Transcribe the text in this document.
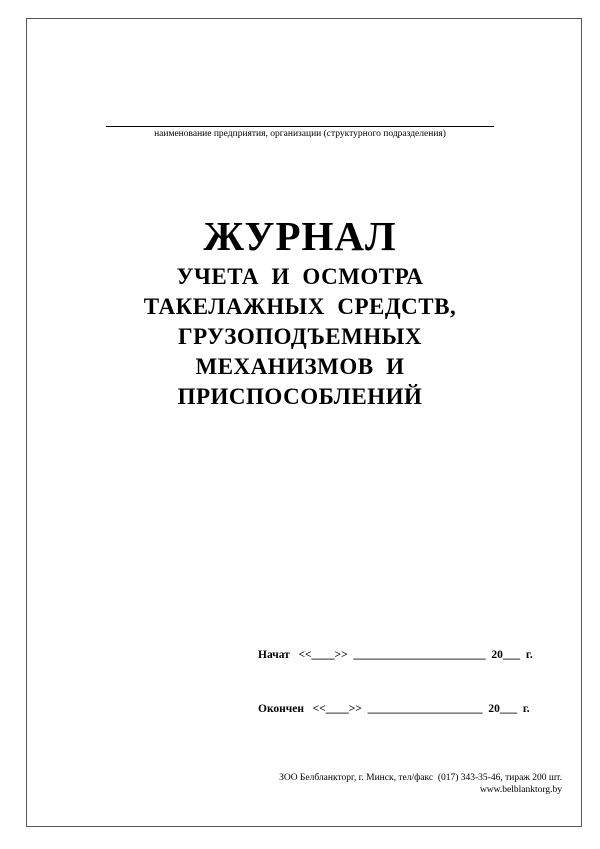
наименование предприятия, организации (структурного подразделения)
ЖУРНАЛ
УЧЕТА  И  ОСМОТРА
ТАКЕЛАЖНЫХ  СРЕДСТВ,
ГРУЗОПОДЪЕМНЫХ
МЕХАНИЗМОВ  И
ПРИСПОСОБЛЕНИЙ
Начат   <<____>>  _______________________  20___  г.
Окончен   <<____>>  ____________________  20___  г.
ЗОО Белбланкторг, г. Минск, тел/факс  (017) 343-35-46, тираж 200 шт.
www.belblanktorg.by
